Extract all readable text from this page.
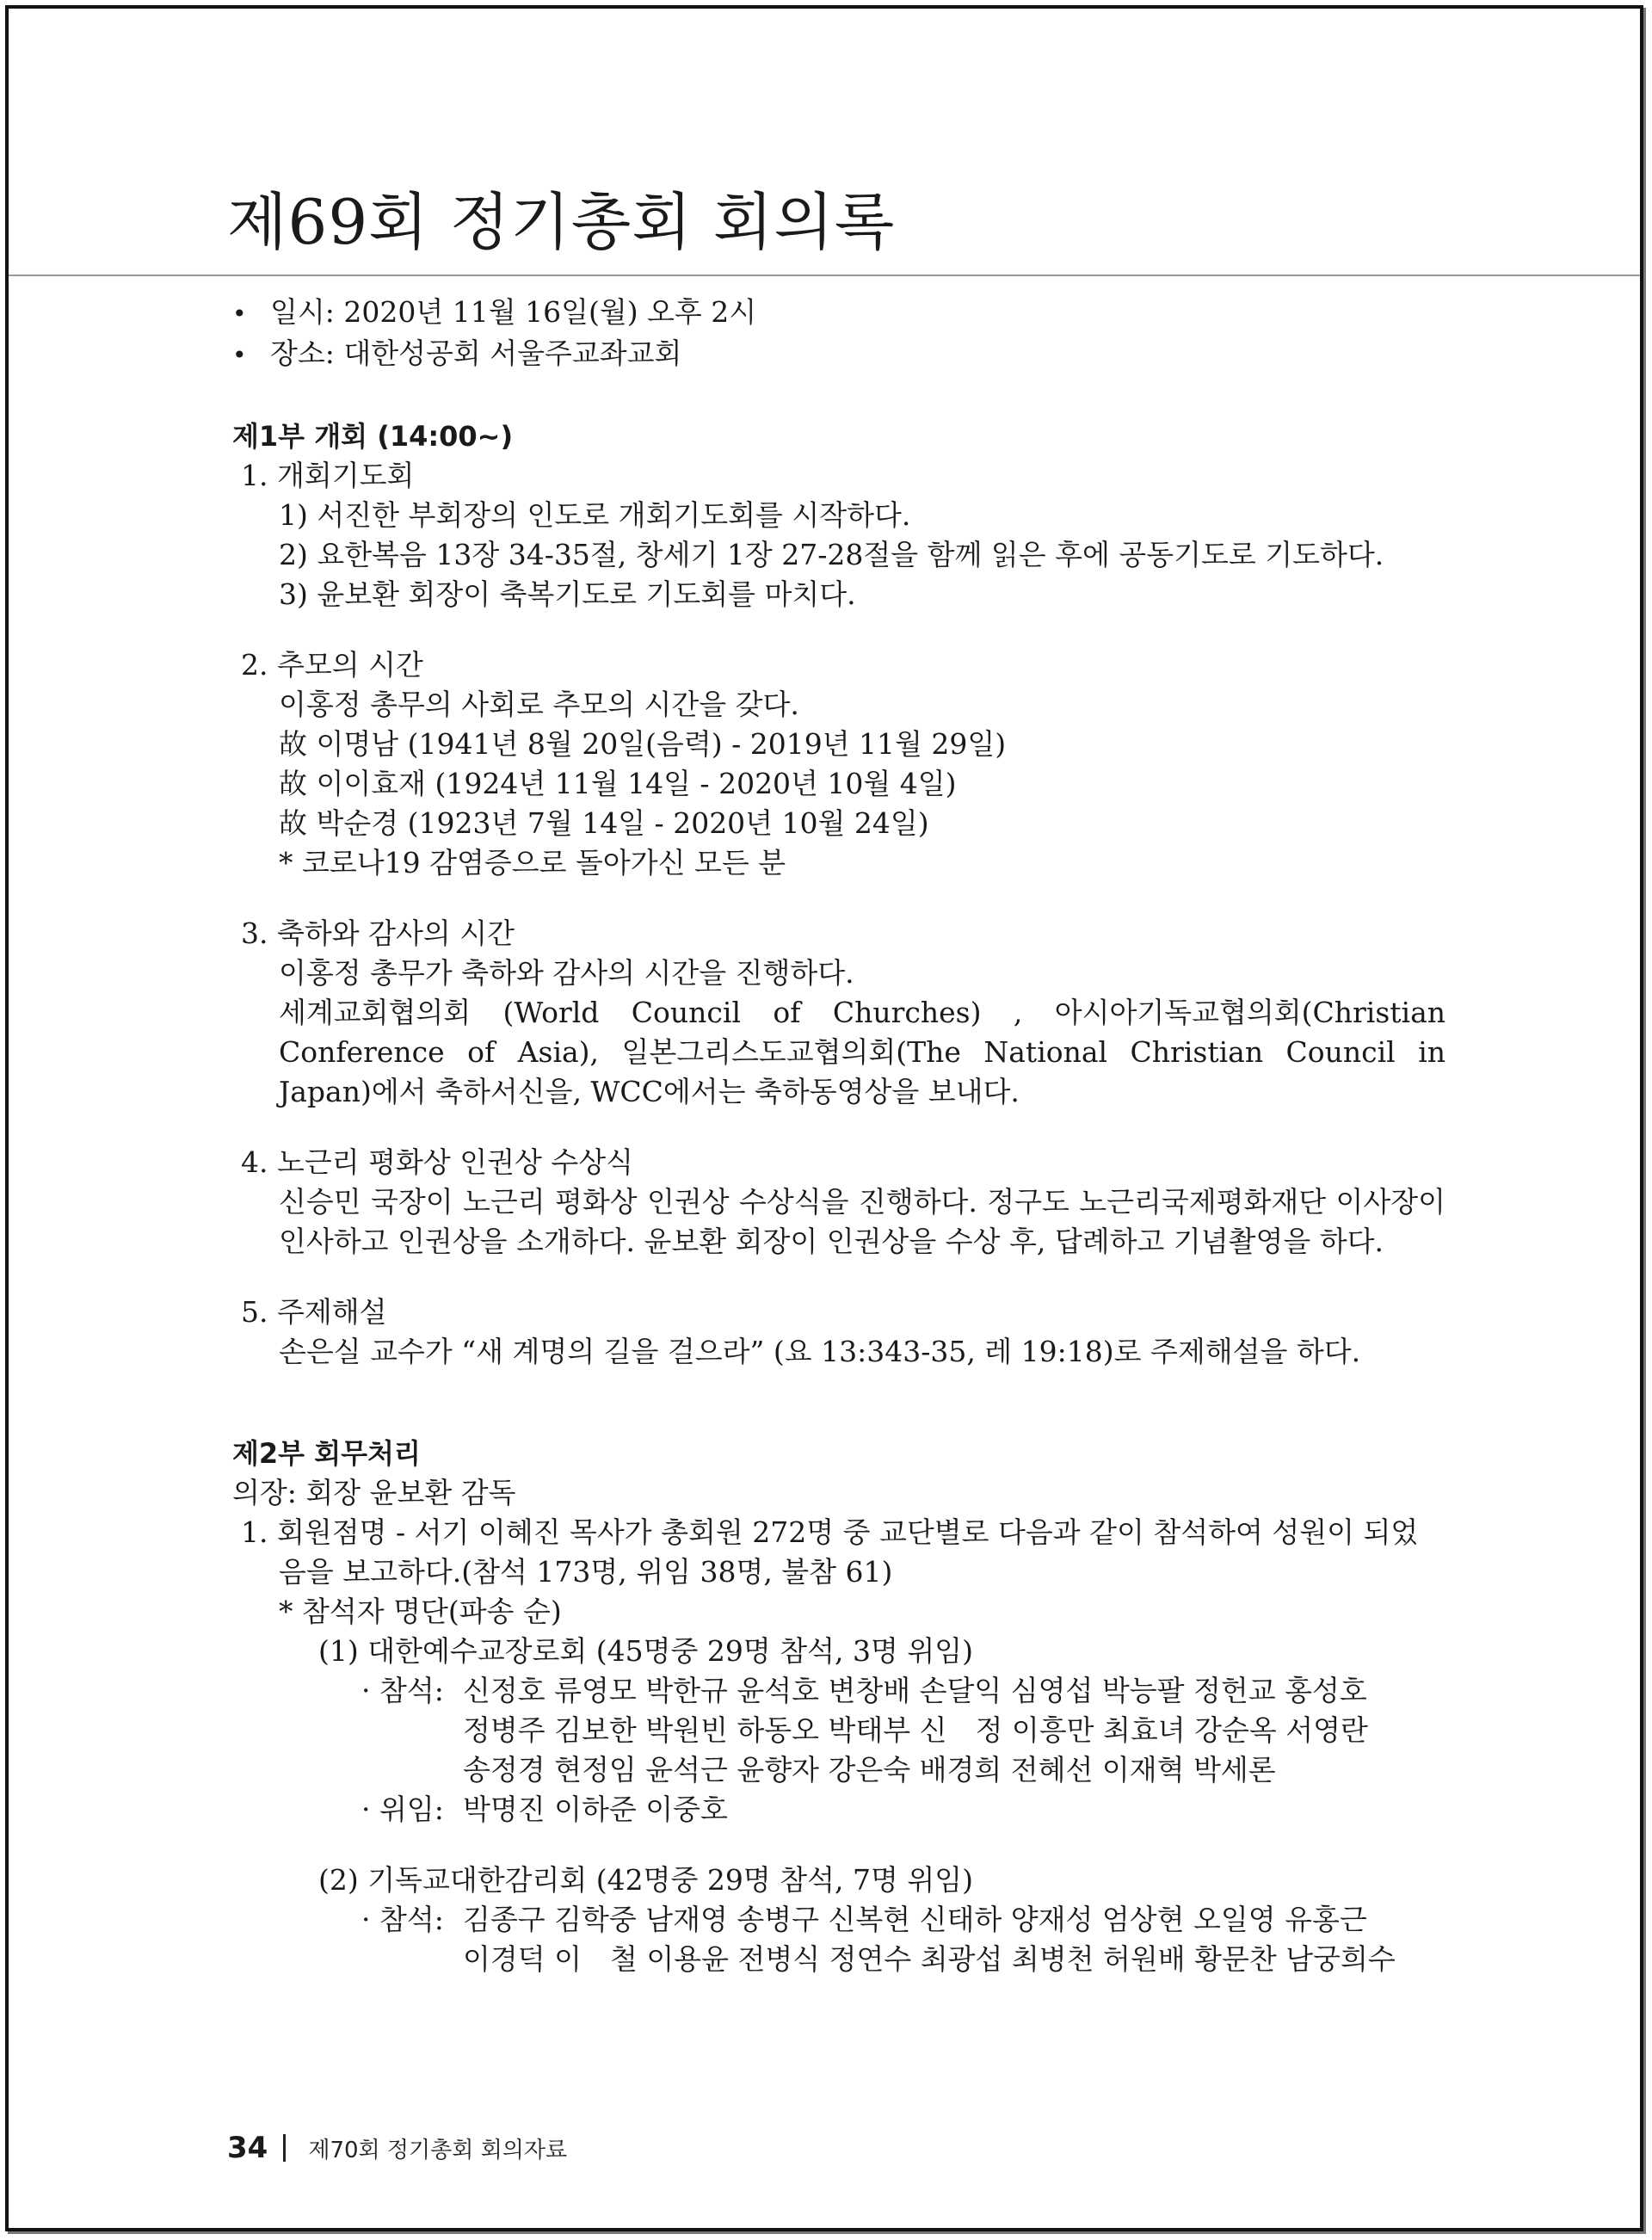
제69회 정기총회 회의록
• 일시: 2020년 11월 16일(월) 오후 2시
• 장소: 대한성공회 서울주교좌교회
제1부 개회 (14:00~)
1. 개회기도회
1) 서진한 부회장의 인도로 개회기도회를 시작하다.
2) 요한복음 13장 34-35절, 창세기 1장 27-28절을 함께 읽은 후에 공동기도로 기도하다.
3) 윤보환 회장이 축복기도로 기도회를 마치다.
2. 추모의 시간
이홍정 총무의 사회로 추모의 시간을 갖다.
故 이명남 (1941년 8월 20일(음력) - 2019년 11월 29일)
故 이이효재 (1924년 11월 14일 - 2020년 10월 4일)
故 박순경 (1923년 7월 14일 - 2020년 10월 24일)
* 코로나19 감염증으로 돌아가신 모든 분
3. 축하와 감사의 시간
이홍정 총무가 축하와 감사의 시간을 진행하다.
세계교회협의회 (World Council of Churches) , 아시아기독교협의회(Christian Conference of Asia), 일본그리스도교협의회(The National Christian Council in Japan)에서 축하서신을, WCC에서는 축하동영상을 보내다.
4. 노근리 평화상 인권상 수상식
신승민 국장이 노근리 평화상 인권상 수상식을 진행하다. 정구도 노근리국제평화재단 이사장이 인사하고 인권상을 소개하다. 윤보환 회장이 인권상을 수상 후, 답례하고 기념촬영을 하다.
5. 주제해설
손은실 교수가 “새 계명의 길을 걸으라” (요 13:343-35, 레 19:18)로 주제해설을 하다.
제2부 회무처리
의장: 회장 윤보환 감독
1. 회원점명 - 서기 이혜진 목사가 총회원 272명 중 교단별로 다음과 같이 참석하여 성원이 되었
음을 보고하다.(참석 173명, 위임 38명, 불참 61)
* 참석자 명단(파송 순)
(1) 대한예수교장로회 (45명중 29명 참석, 3명 위임)
· 참석: 신정호 류영모 박한규 윤석호 변창배 손달익 심영섭 박능팔 정헌교 홍성호
정병주 김보한 박원빈 하동오 박태부 신　정 이흥만 최효녀 강순옥 서영란
송정경 현정임 윤석근 윤향자 강은숙 배경희 전혜선 이재혁 박세론
· 위임: 박명진 이하준 이중호
(2) 기독교대한감리회 (42명중 29명 참석, 7명 위임)
· 참석: 김종구 김학중 남재영 송병구 신복현 신태하 양재성 엄상현 오일영 유홍근
이경덕 이　철 이용윤 전병식 정연수 최광섭 최병천 허원배 황문찬 남궁희수
34 제70회 정기총회 회의자료
